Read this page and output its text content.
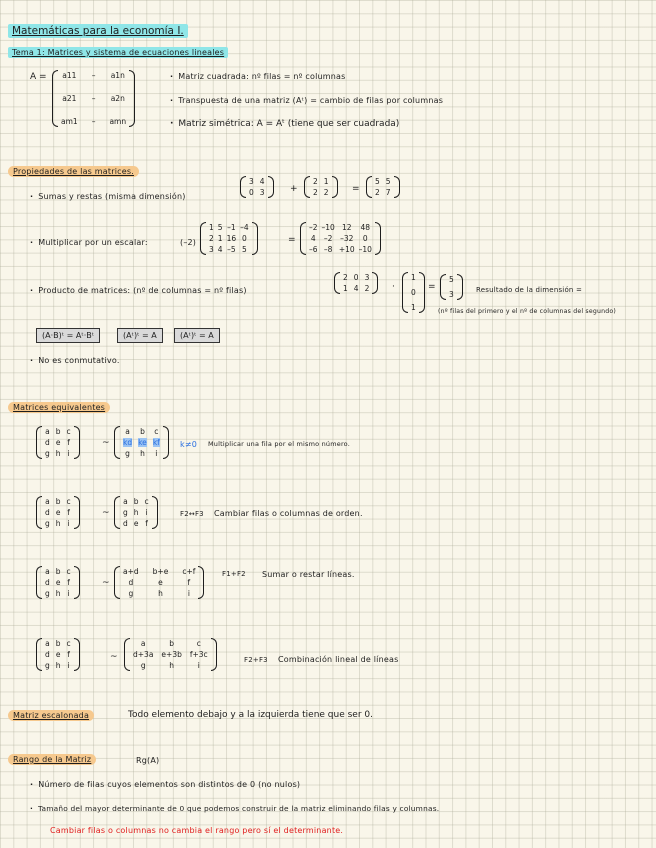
Matemáticas para la economía I.
Tema 1: Matrices y sistema de ecuaciones lineales
A = a11 – a1n
a21 – a2n
am1 – amn
· Matriz cuadrada: nº filas = nº columnas
· Transpuesta de una matriz (Aᵗ) = cambio de filas por columnas
· Matriz simétrica: A = Aᵗ (tiene que ser cuadrada)
Propiedades de las matrices.
· Sumas y restas (misma dimensión)
3 4
0 3	+
2 1
2 2	=
5 5
2 7
· Multiplicar por un escalar:	(–2)
1 5 –1 –4
2 1 16 0
3 4 –5 5
=
–2 –10 12 48
4 –2 –32 0
–6 –8 +10 –10
· Producto de matrices: (nº de columnas = nº filas)
2 0 3
1 4 2	·
1
0
1
=
5
3	Resultado de la dimensión =
(nº filas del primero y el nº de columnas del segundo)
(A·B)ᵗ = Aᵗ·Bᵗ	(Aᵗ)ᵗ = A	(Aᵗ)ᵗ = A
· No es conmutativo.
Matrices equivalentes
a b c
d e f
g h i
~
a b c
kd ke kf
g h i
k≠0 Multiplicar una fila por el mismo número.
a b c
d e f
g h i
~
a b c
g h i
d e f
F2↔F3 Cambiar filas o columnas de orden.
a b c
d e f
g h i
~
a+d b+e c+f
d	e	f
g	h	i
F1+F2 Sumar o restar líneas.
a b c
d e f
g h i
~
a	b	c
d+3a e+3b f+3c
g	h	i
F2+F3 Combinación lineal de líneas
Matriz escalonada	Todo elemento debajo y a la izquierda tiene que ser 0.
Rango de la Matriz	Rg(A)
· Número de filas cuyos elementos son distintos de 0 (no nulos)
· Tamaño del mayor determinante de 0 que podemos construir de la matriz eliminando filas y columnas.
Cambiar filas o columnas no cambia el rango pero sí el determinante.
